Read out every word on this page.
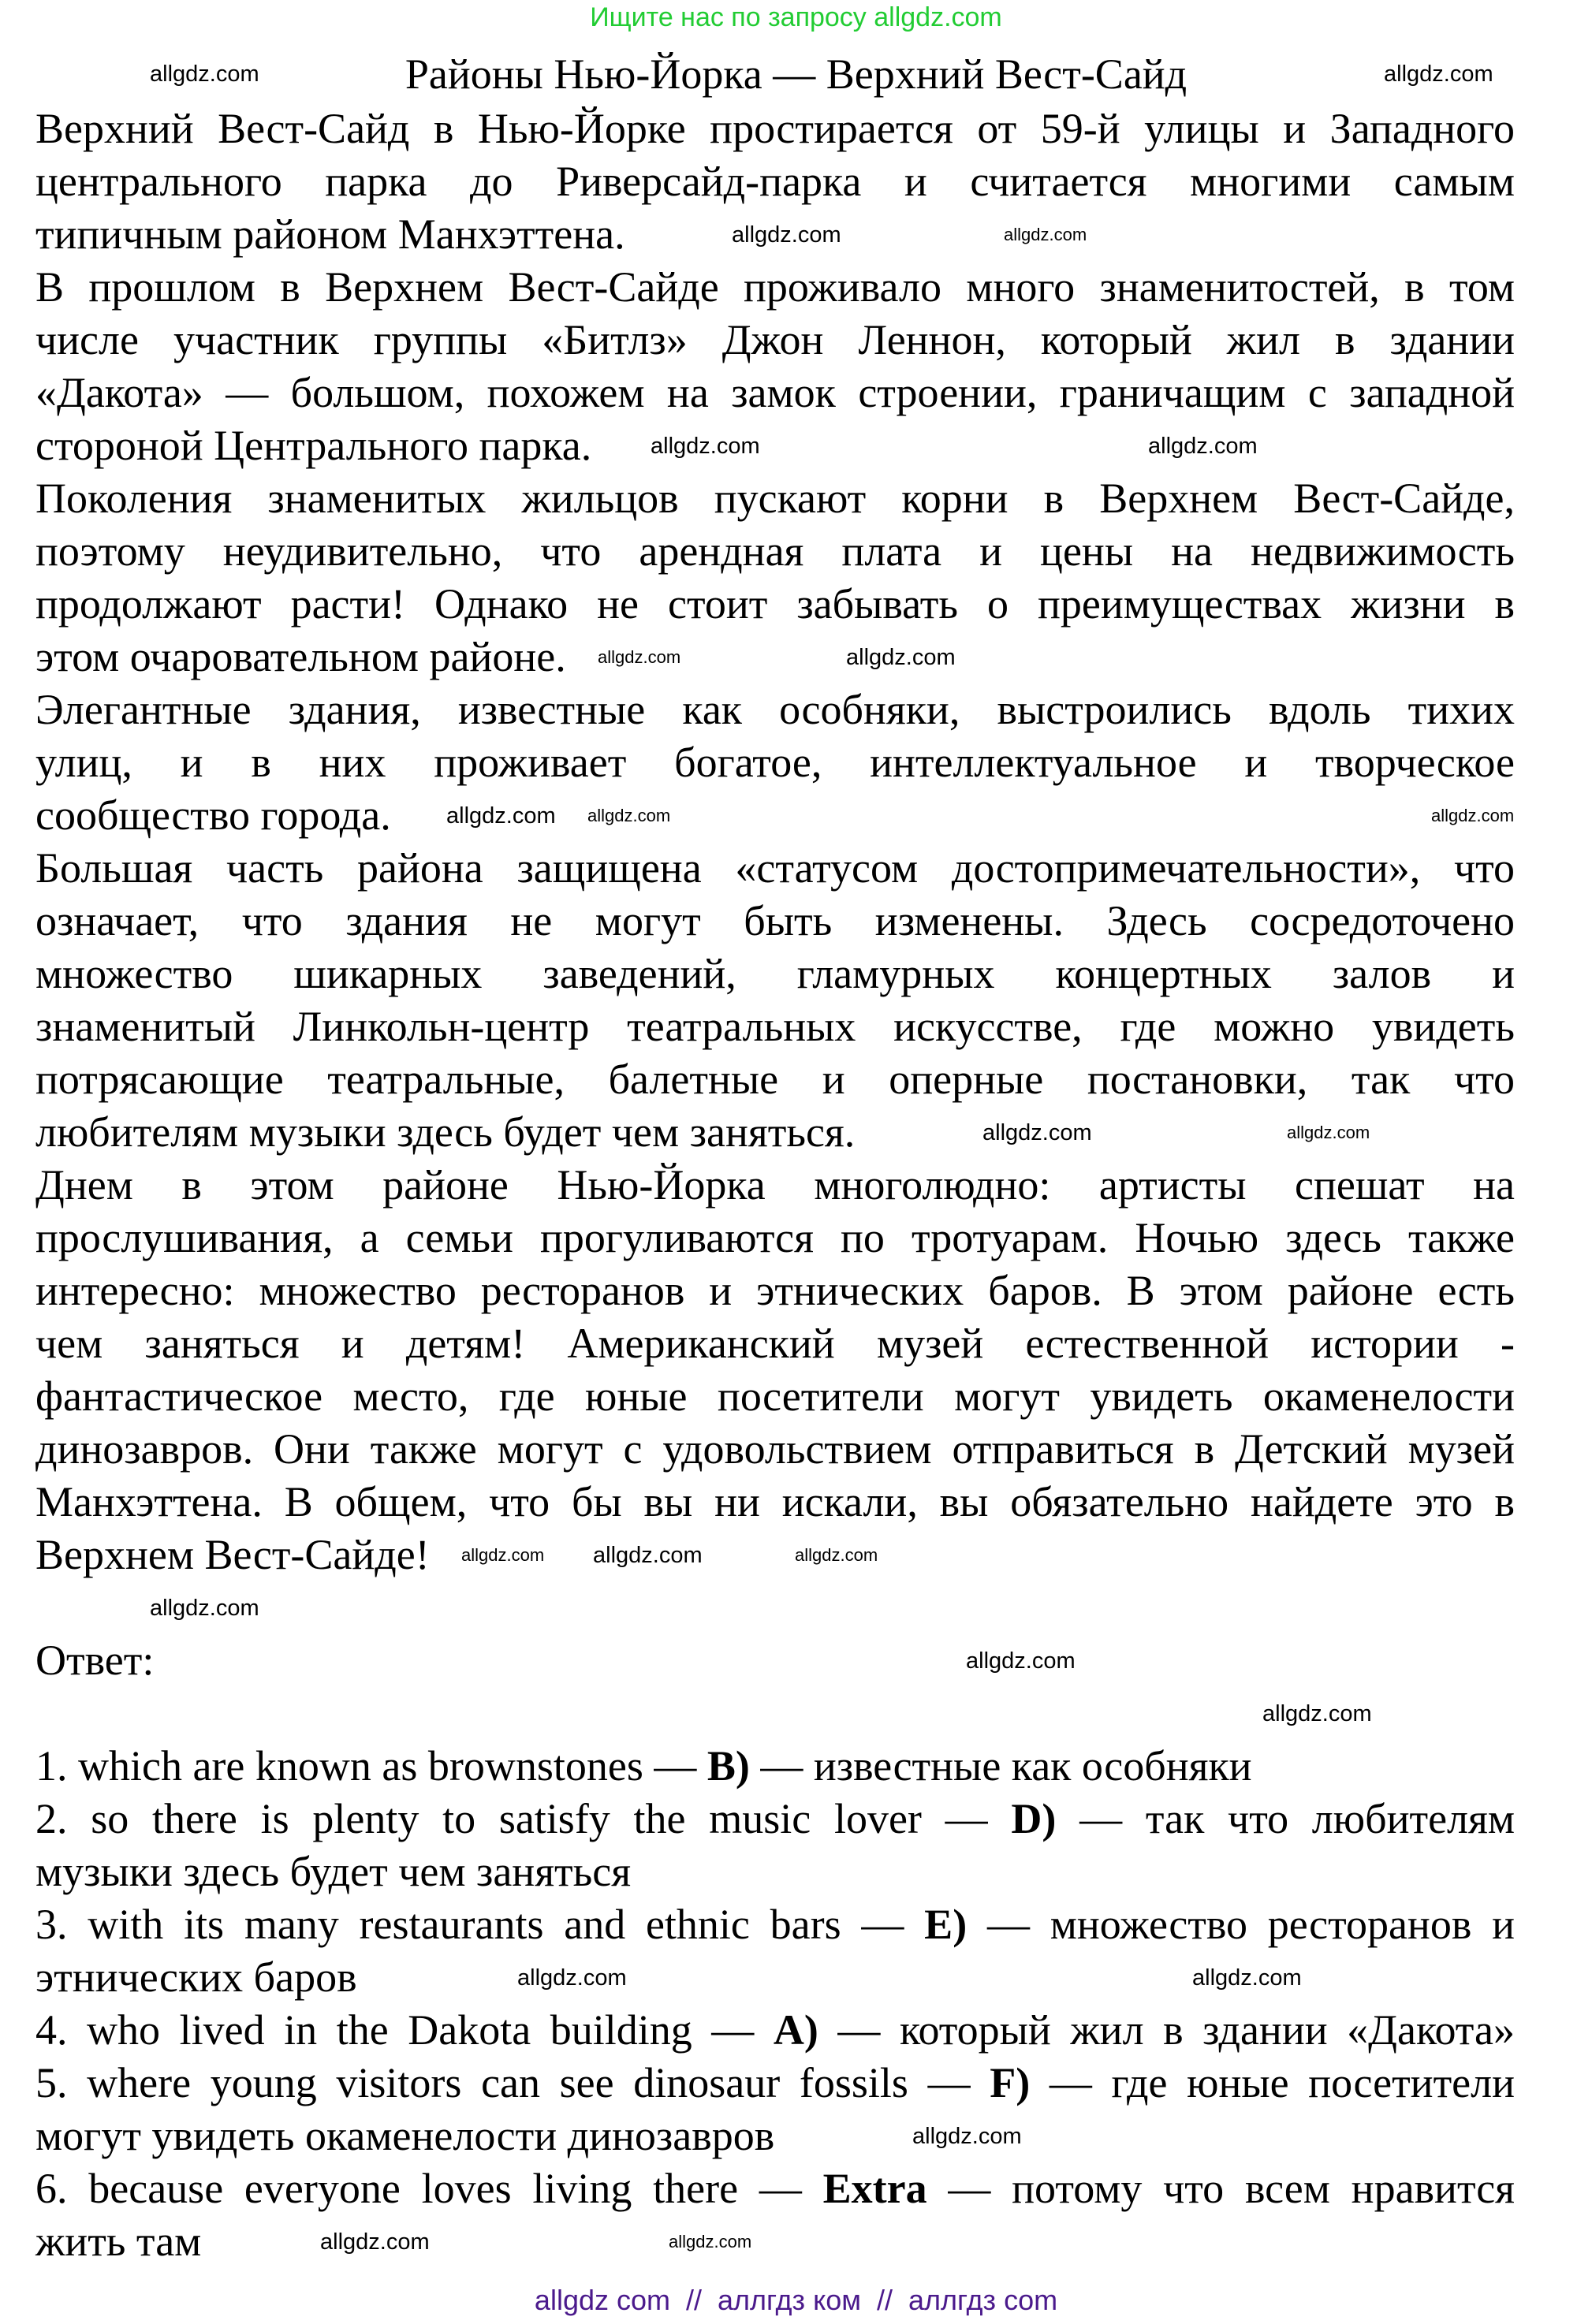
Ищите нас по запросу allgdz.com
Районы Нью-Йорка — Верхний Вест-Сайд
Верхний Вест-Сайд в Нью-Йорке простирается от 59-й улицы и Западного
центрального парка до Риверсайд-парка и считается многими самым
типичным районом Манхэттена.
В прошлом в Верхнем Вест-Сайде проживало много знаменитостей, в том
числе участник группы «Битлз» Джон Леннон, который жил в здании
«Дакота» — большом, похожем на замок строении, граничащим с западной
стороной Центрального парка.
Поколения знаменитых жильцов пускают корни в Верхнем Вест-Сайде,
поэтому неудивительно, что арендная плата и цены на недвижимость
продолжают расти! Однако не стоит забывать о преимуществах жизни в
этом очаровательном районе.
Элегантные здания, известные как особняки, выстроились вдоль тихих
улиц, и в них проживает богатое, интеллектуальное и творческое
сообщество города.
Большая часть района защищена «статусом достопримечательности», что
означает, что здания не могут быть изменены. Здесь сосредоточено
множество шикарных заведений, гламурных концертных залов и
знаменитый Линкольн-центр театральных искусстве, где можно увидеть
потрясающие театральные, балетные и оперные постановки, так что
любителям музыки здесь будет чем заняться.
Днем в этом районе Нью-Йорка многолюдно: артисты спешат на
прослушивания, а семьи прогуливаются по тротуарам. Ночью здесь также
интересно: множество ресторанов и этнических баров. В этом районе есть
чем заняться и детям! Американский музей естественной истории -
фантастическое место, где юные посетители могут увидеть окаменелости
динозавров. Они также могут с удовольствием отправиться в Детский музей
Манхэттена. В общем, что бы вы ни искали, вы обязательно найдете это в
Верхнем Вест-Сайде!
Ответ:
1. which are known as brownstones — B) — известные как особняки
2. so there is plenty to satisfy the music lover — D) — так что любителям
музыки здесь будет чем заняться
3. with its many restaurants and ethnic bars — E) — множество ресторанов и
этнических баров
4. who lived in the Dakota building — A) — который жил в здании «Дакота»
5. where young visitors can see dinosaur fossils — F) — где юные посетители
могут увидеть окаменелости динозавров
6. because everyone loves living there — Extra — потому что всем нравится
жить там
allgdz.com	allgdz.com
allgdz.com
allgdz.com
allgdz.com	allgdz.com
allgdz.com	allgdz.com
allgdz.com	allgdz.com
allgdz.com
allgdz.com	allgdz.com
allgdz.com	allgdz.com
allgdz.com
allgdz.com
allgdz.com
allgdz.com
allgdz.com	allgdz.com
allgdz.com
allgdz.com
allgdz.com
allgdz com  //  аллгдз ком  //  аллгдз com
